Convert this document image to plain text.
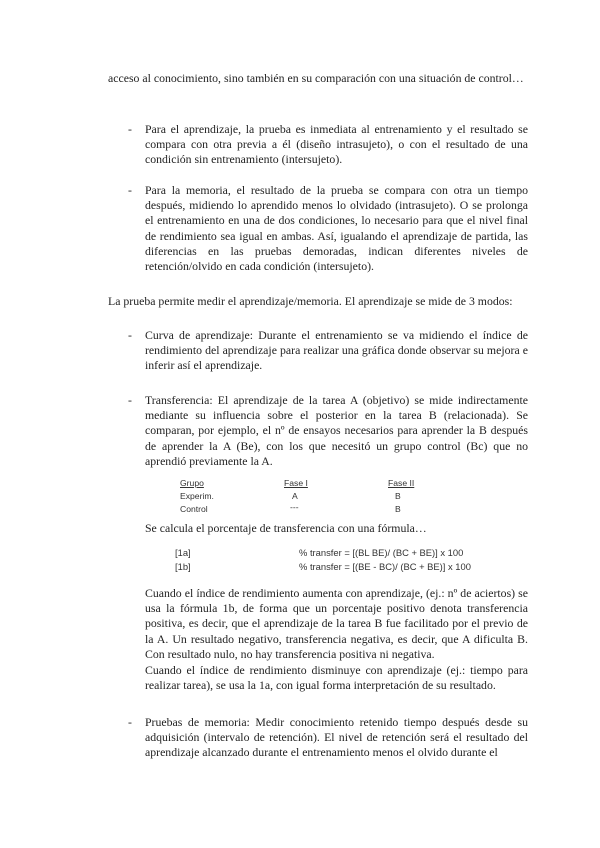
acceso al conocimiento, sino también en su comparación con una situación de control…

- Para el aprendizaje, la prueba es inmediata al entrenamiento y el resultado se compara con otra previa a él (diseño intrasujeto), o con el resultado de una condición sin entrenamiento (intersujeto).

- Para la memoria, el resultado de la prueba se compara con otra un tiempo después, midiendo lo aprendido menos lo olvidado (intrasujeto). O se prolonga el entrenamiento en una de dos condiciones, lo necesario para que el nivel final de rendimiento sea igual en ambas. Así, igualando el aprendizaje de partida, las diferencias en las pruebas demoradas, indican diferentes niveles de retención/olvido en cada condición (intersujeto).

La prueba permite medir el aprendizaje/memoria. El aprendizaje se mide de 3 modos:

- Curva de aprendizaje: Durante el entrenamiento se va midiendo el índice de rendimiento del aprendizaje para realizar una gráfica donde observar su mejora e inferir así el aprendizaje.

- Transferencia: El aprendizaje de la tarea A (objetivo) se mide indirectamente mediante su influencia sobre el posterior en la tarea B (relacionada). Se comparan, por ejemplo, el nº de ensayos necesarios para aprender la B después de aprender la A (Be), con los que necesitó un grupo control (Bc) que no aprendió previamente la A.

Grupo	Fase I	Fase II
Experim.	A	B
Control	---	B

Se calcula el porcentaje de transferencia con una fórmula…

[1a]	% transfer = [(BL BE)/ (BC + BE)] x 100
[1b]	% transfer = [(BE - BC)/ (BC + BE)] x 100

Cuando el índice de rendimiento aumenta con aprendizaje, (ej.: nº de aciertos) se usa la fórmula 1b, de forma que un porcentaje positivo denota transferencia positiva, es decir, que el aprendizaje de la tarea B fue facilitado por el previo de la A. Un resultado negativo, transferencia negativa, es decir, que A dificulta B. Con resultado nulo, no hay transferencia positiva ni negativa.

Cuando el índice de rendimiento disminuye con aprendizaje (ej.: tiempo para realizar tarea), se usa la 1a, con igual forma interpretación de su resultado.

- Pruebas de memoria: Medir conocimiento retenido tiempo después desde su adquisición (intervalo de retención). El nivel de retención será el resultado del aprendizaje alcanzado durante el entrenamiento menos el olvido durante el
